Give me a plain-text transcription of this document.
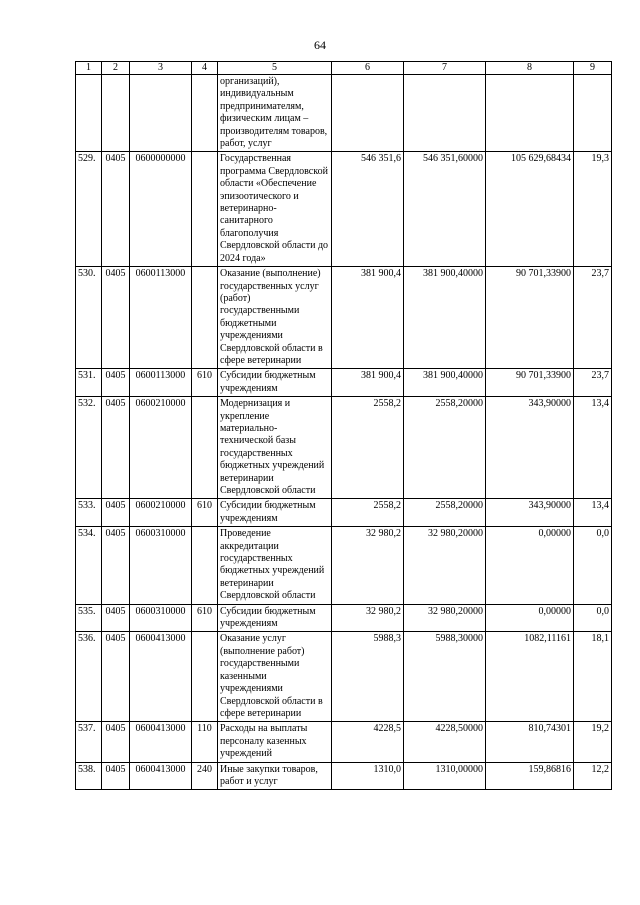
64
1	2	3	4	5	6	7	8	9
				организаций), индивидуальным предпринимателям, физическим лицам – производителям товаров, работ, услуг				
529.	0405	0600000000		Государственная программа Свердловской области «Обеспечение эпизоотического и ветеринарно-санитарного благополучия Свердловской области до 2024 года»	546 351,6	546 351,60000	105 629,68434	19,3
530.	0405	0600113000		Оказание (выполнение) государственных услуг (работ) государственными бюджетными учреждениями Свердловской области в сфере ветеринарии	381 900,4	381 900,40000	90 701,33900	23,7
531.	0405	0600113000	610	Субсидии бюджетным учреждениям	381 900,4	381 900,40000	90 701,33900	23,7
532.	0405	0600210000		Модернизация и укрепление материально-технической базы государственных бюджетных учреждений ветеринарии Свердловской области	2558,2	2558,20000	343,90000	13,4
533.	0405	0600210000	610	Субсидии бюджетным учреждениям	2558,2	2558,20000	343,90000	13,4
534.	0405	0600310000		Проведение аккредитации государственных бюджетных учреждений ветеринарии Свердловской области	32 980,2	32 980,20000	0,00000	0,0
535.	0405	0600310000	610	Субсидии бюджетным учреждениям	32 980,2	32 980,20000	0,00000	0,0
536.	0405	0600413000		Оказание услуг (выполнение работ) государственными казенными учреждениями Свердловской области в сфере ветеринарии	5988,3	5988,30000	1082,11161	18,1
537.	0405	0600413000	110	Расходы на выплаты персоналу казенных учреждений	4228,5	4228,50000	810,74301	19,2
538.	0405	0600413000	240	Иные закупки товаров, работ и услуг	1310,0	1310,00000	159,86816	12,2
